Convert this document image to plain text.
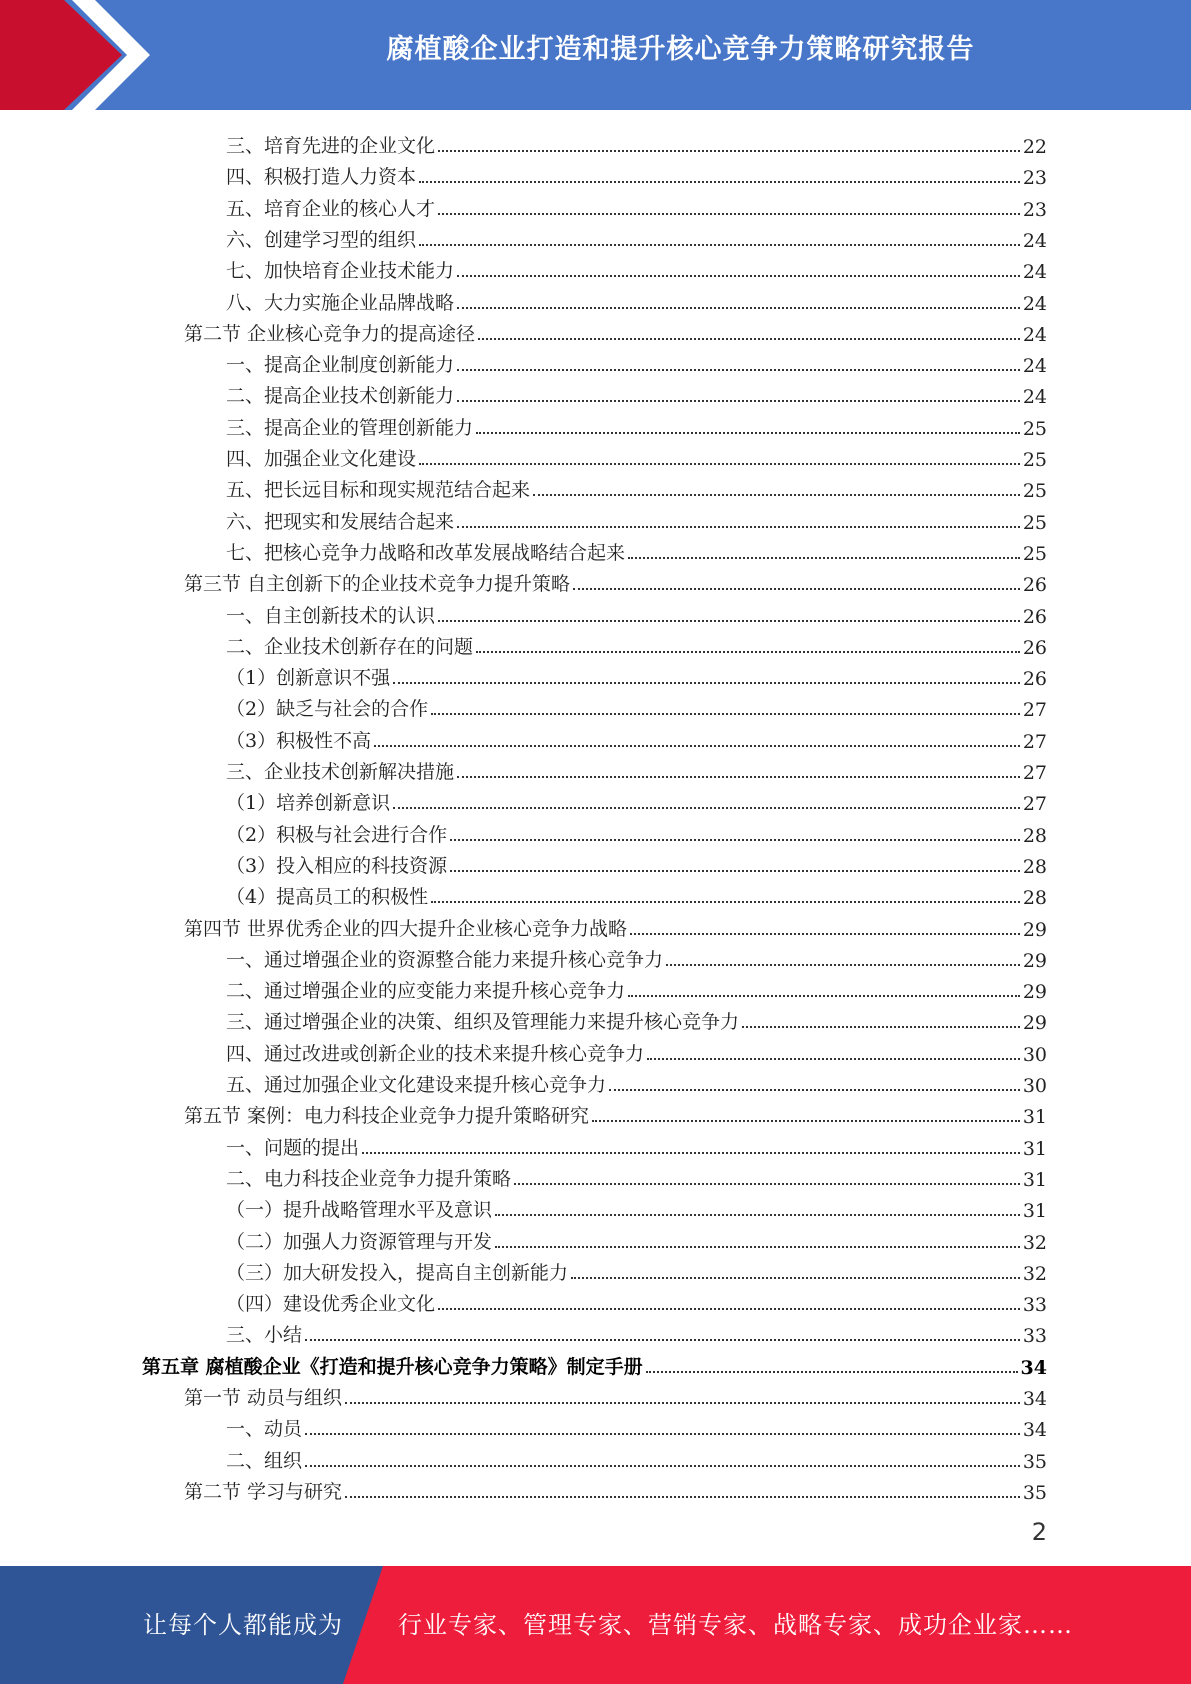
腐植酸企业打造和提升核心竞争力策略研究报告
三、培育先进的企业文化	22
四、积极打造人力资本	23
五、培育企业的核心人才	23
六、创建学习型的组织	24
七、加快培育企业技术能力	24
八、大力实施企业品牌战略	24
第二节 企业核心竞争力的提高途径	24
一、提高企业制度创新能力	24
二、提高企业技术创新能力	24
三、提高企业的管理创新能力	25
四、加强企业文化建设	25
五、把长远目标和现实规范结合起来	25
六、把现实和发展结合起来	25
七、把核心竞争力战略和改革发展战略结合起来	25
第三节 自主创新下的企业技术竞争力提升策略	26
一、自主创新技术的认识	26
二、企业技术创新存在的问题	26
（1）创新意识不强	26
（2）缺乏与社会的合作	27
（3）积极性不高	27
三、企业技术创新解决措施	27
（1）培养创新意识	27
（2）积极与社会进行合作	28
（3）投入相应的科技资源	28
（4）提高员工的积极性	28
第四节 世界优秀企业的四大提升企业核心竞争力战略	29
一、通过增强企业的资源整合能力来提升核心竞争力	29
二、通过增强企业的应变能力来提升核心竞争力	29
三、通过增强企业的决策、组织及管理能力来提升核心竞争力	29
四、通过改进或创新企业的技术来提升核心竞争力	30
五、通过加强企业文化建设来提升核心竞争力	30
第五节 案例：电力科技企业竞争力提升策略研究	31
一、问题的提出	31
二、电力科技企业竞争力提升策略	31
（一）提升战略管理水平及意识	31
（二）加强人力资源管理与开发	32
（三）加大研发投入，提高自主创新能力	32
（四）建设优秀企业文化	33
三、小结	33
第五章 腐植酸企业《打造和提升核心竞争力策略》制定手册	34
第一节 动员与组织	34
一、动员	34
二、组织	35
第二节 学习与研究	35
2
让每个人都能成为 行业专家、管理专家、营销专家、战略专家、成功企业家……
